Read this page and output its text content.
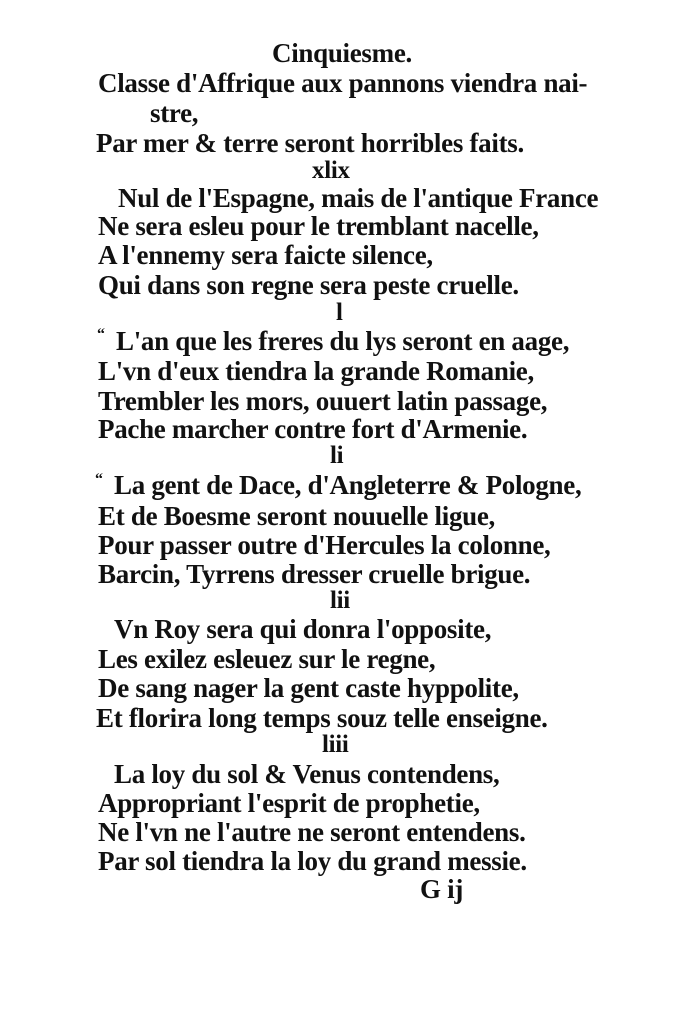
Cinquiesme.
Classe d'Affrique aux pannons viendra nai-
stre,
Par mer & terre seront horribles faits.
xlix
Nul de l'Espagne, mais de l'antique France
Ne sera esleu pour le tremblant nacelle,
A l'ennemy sera faicte silence,
Qui dans son regne sera peste cruelle.
l
“ L'an que les freres du lys seront en aage,
L'vn d'eux tiendra la grande Romanie,
Trembler les mors, ouuert latin passage,
Pache marcher contre fort d'Armenie.
li
“ La gent de Dace, d'Angleterre & Pologne,
Et de Boesme seront nouuelle ligue,
Pour passer outre d'Hercules la colonne,
Barcin, Tyrrens dresser cruelle brigue.
lii
Vn Roy sera qui donra l'opposite,
Les exilez esleuez sur le regne,
De sang nager la gent caste hyppolite,
Et florira long temps souz telle enseigne.
liii
La loy du sol & Venus contendens,
Appropriant l'esprit de prophetie,
Ne l'vn ne l'autre ne seront entendens.
Par sol tiendra la loy du grand messie.
G ij
